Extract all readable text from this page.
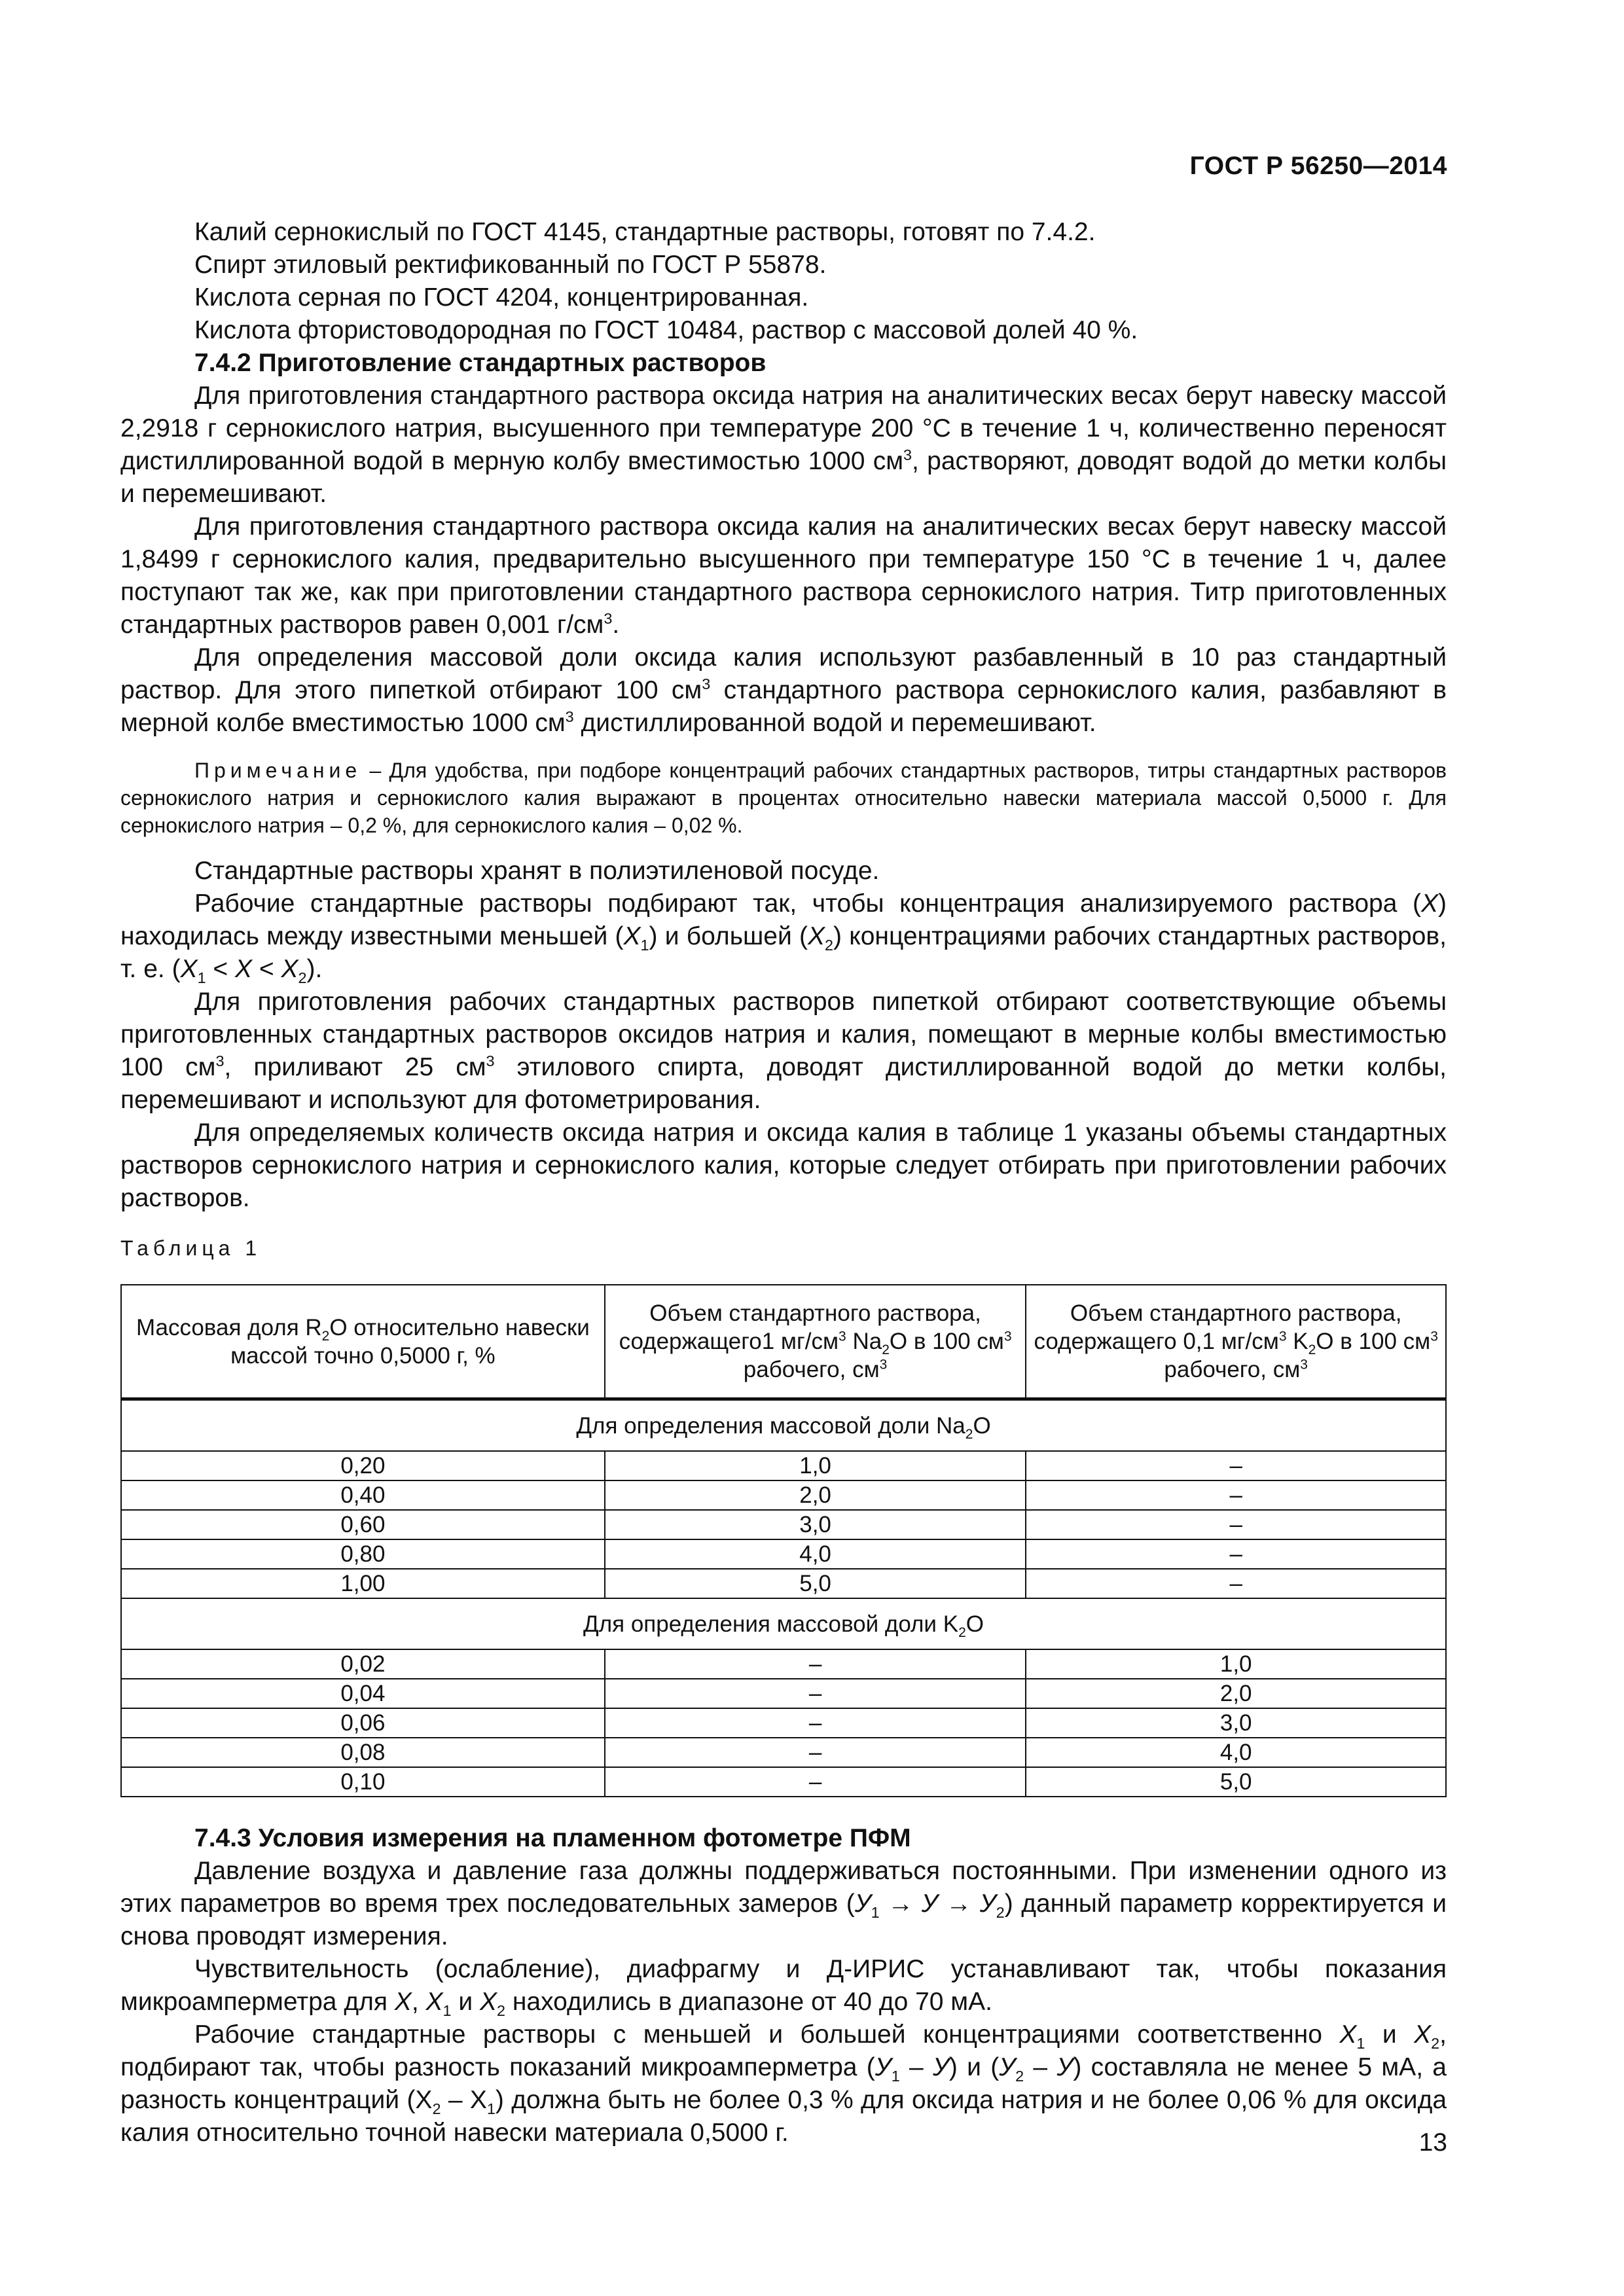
ГОСТ Р 56250—2014

Калий сернокислый по ГОСТ 4145, стандартные растворы, готовят по 7.4.2.

Спирт этиловый ректификованный по ГОСТ Р 55878.

Кислота серная по ГОСТ 4204, концентрированная.

Кислота фтористоводородная по ГОСТ 10484, раствор с массовой долей 40 %.

7.4.2 Приготовление стандартных растворов

Для приготовления стандартного раствора оксида натрия на аналитических весах берут навеску массой 2,2918 г сернокислого натрия, высушенного при температуре 200 °С в течение 1 ч, количественно переносят дистиллированной водой в мерную колбу вместимостью 1000 $см^3$, растворяют, доводят водой до метки колбы и перемешивают.

Для приготовления стандартного раствора оксида калия на аналитических весах берут навеску массой 1,8499 г сернокислого калия, предварительно высушенного при температуре 150 °С в течение 1 ч, далее поступают так же, как при приготовлении стандартного раствора сернокислого натрия. Титр приготовленных стандартных растворов равен 0,001 $г/см^3$.

Для определения массовой доли оксида калия используют разбавленный в 10 раз стандартный раствор. Для этого пипеткой отбирают 100 $см^3$ стандартного раствора сернокислого калия, разбавляют в мерной колбе вместимостью 1000 $см^3$ дистиллированной водой и перемешивают.

Примечание – Для удобства, при подборе концентраций рабочих стандартных растворов, титры стандартных растворов сернокислого натрия и сернокислого калия выражают в процентах относительно навески материала массой 0,5000 г. Для сернокислого натрия – 0,2 %, для сернокислого калия – 0,02 %.

Стандартные растворы хранят в полиэтиленовой посуде.

Рабочие стандартные растворы подбирают так, чтобы концентрация анализируемого раствора (X) находилась между известными меньшей $(X_1)$ и большей $(X_2)$ концентрациями рабочих стандартных растворов, т. е. $(X_1 < X < X_2)$.

Для приготовления рабочих стандартных растворов пипеткой отбирают соответствующие объемы приготовленных стандартных растворов оксидов натрия и калия, помещают в мерные колбы вместимостью 100 $см^3$, приливают 25 $см^3$ этилового спирта, доводят дистиллированной водой до метки колбы, перемешивают и используют для фотометрирования.

Для определяемых количеств оксида натрия и оксида калия в таблице 1 указаны объемы стандартных растворов сернокислого натрия и сернокислого калия, которые следует отбирать при приготовлении рабочих растворов.

Таблица 1

Массовая доля $R_2O$ относительно навески массой точно 0,5000 г, %	Объем стандартного раствора, содержащего1 $мг/см^3$ $Na_2O$ в 100 $см^3$ рабочего, $см^3$	Объем стандартного раствора, содержащего 0,1 $мг/см^3$ $K_2O$ в 100 $см^3$ рабочего, $см^3$
Для определения массовой доли $Na_2O$		
0,20	1,0	–
0,40	2,0	–
0,60	3,0	–
0,80	4,0	–
1,00	5,0	–
Для определения массовой доли $K_2O$		
0,02	–	1,0
0,04	–	2,0
0,06	–	3,0
0,08	–	4,0
0,10	–	5,0

7.4.3 Условия измерения на пламенном фотометре ПФМ

Давление воздуха и давление газа должны поддерживаться постоянными. При изменении одного из этих параметров во время трех последовательных замеров $(У_1 \to У \to У_2)$ данный параметр корректируется и снова проводят измерения.

Чувствительность (ослабление), диафрагму и Д-ИРИС устанавливают так, чтобы показания микроамперметра для X, $X_1$ и $X_2$ находились в диапазоне от 40 до 70 мА.

Рабочие стандартные растворы с меньшей и большей концентрациями соответственно $X_1$ и $X_2$, подбирают так, чтобы разность показаний микроамперметра $(У_1 - У)$ и $(У_2 - У)$ составляла не менее 5 мА, а разность концентраций $(Х_2 - Х_1)$ должна быть не более 0,3 % для оксида натрия и не более 0,06 % для оксида калия относительно точной навески материала 0,5000 г.	13
